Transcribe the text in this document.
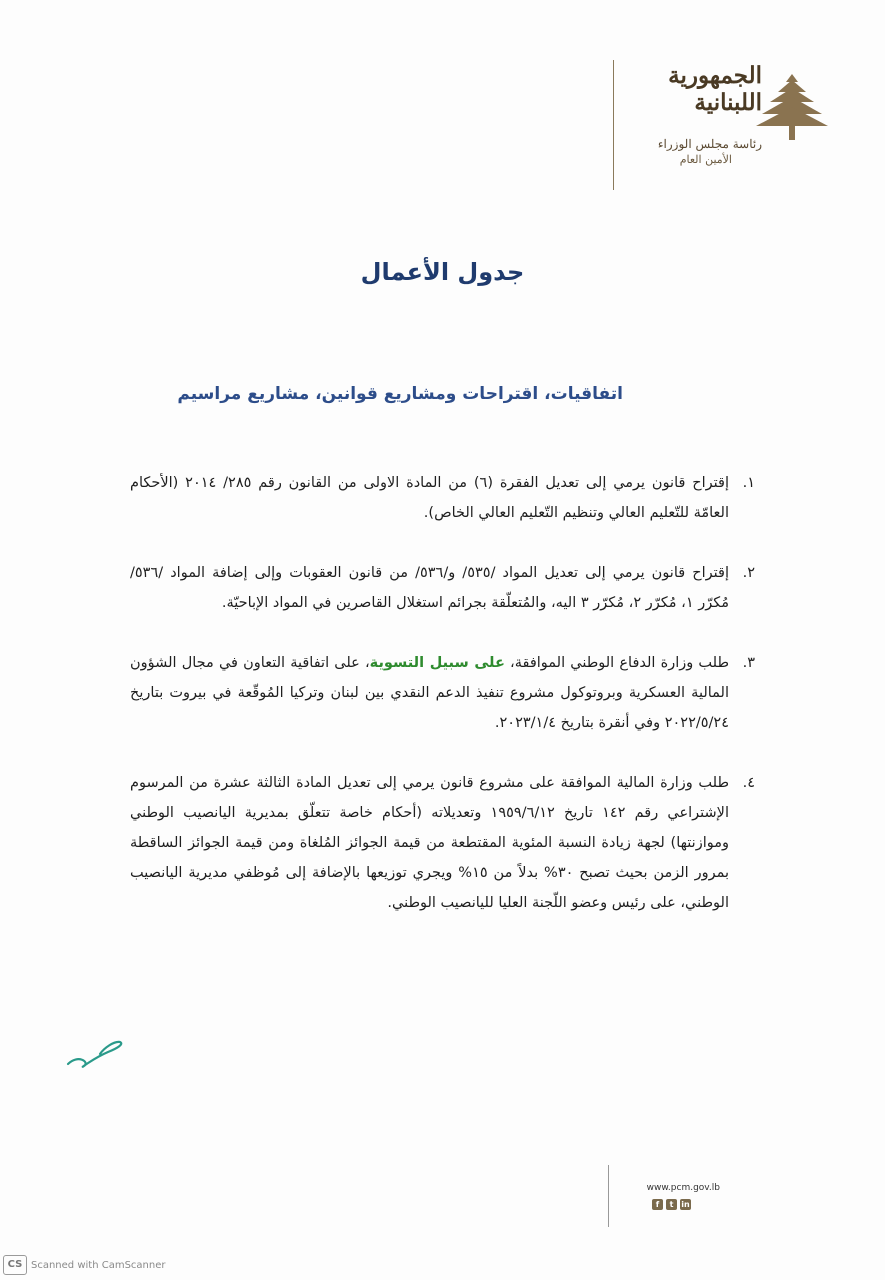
الجمهورية
اللبنانية
رئاسة مجلس الوزراء
الأمين العام
جدول الأعمال
اتفاقيات، اقتراحات ومشاريع قوانين، مشاريع مراسيم
١.
إقتراح قانون يرمي إلى تعديل الفقرة (٦) من المادة الاولى من القانون رقم ٢٨٥/ ٢٠١٤ (الأحكام العامّة للتّعليم العالي وتنظيم التّعليم العالي الخاص).
٢.
إقتراح قانون يرمي إلى تعديل المواد /٥٣٥/ و/٥٣٦/ من قانون العقوبات وإلى إضافة المواد /٥٣٦/ مُكرّر ١، مُكرّر ٢، مُكرّر ٣ اليه، والمُتعلّقة بجرائم استغلال القاصرين في المواد الإباحيّة.
٣.
طلب وزارة الدفاع الوطني الموافقة، على سبيل التسوية، على اتفاقية التعاون في مجال الشؤون المالية العسكرية وبروتوكول مشروع تنفيذ الدعم النقدي بين لبنان وتركيا المُوقّعة في بيروت بتاريخ ٢٠٢٢/٥/٢٤ وفي أنقرة بتاريخ ٢٠٢٣/١/٤.
٤.
طلب وزارة المالية الموافقة على مشروع قانون يرمي إلى تعديل المادة الثالثة عشرة من المرسوم الإشتراعي رقم ١٤٢ تاريخ ١٩٥٩/٦/١٢ وتعديلاته (أحكام خاصة تتعلّق بمديرية اليانصيب الوطني وموازنتها) لجهة زيادة النسبة المئوية المقتطعة من قيمة الجوائز المُلغاة ومن قيمة الجوائز الساقطة بمرور الزمن بحيث تصبح ٣٠% بدلاً من ١٥% ويجري توزيعها بالإضافة إلى مُوظفي مديرية اليانصيب الوطني، على رئيس وعضو اللّجنة العليا لليانصيب الوطني.
www.pcm.gov.lb
f	t in
CS Scanned with CamScanner
